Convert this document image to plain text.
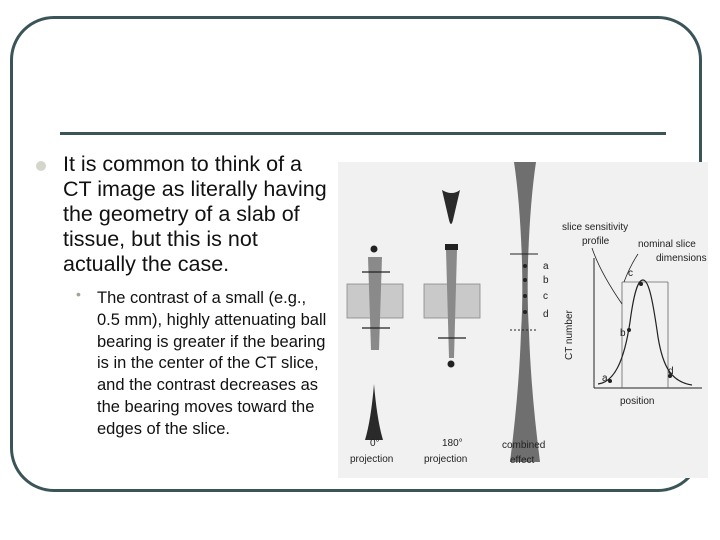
It is common to think of a CT image as literally having the geometry of a slab of tissue, but this is not actually the case.
• The contrast of a small (e.g., 0.5 mm), highly attenuating ball bearing is greater if the bearing is in the center of the CT slice, and the contrast decreases as the bearing moves toward the edges of the slice.
a
b
c
d
0°
projection
180°
projection
combined
effect
a
b
c
d
CT number
position
slice sensitivity
profile	nominal slice
dimensions
